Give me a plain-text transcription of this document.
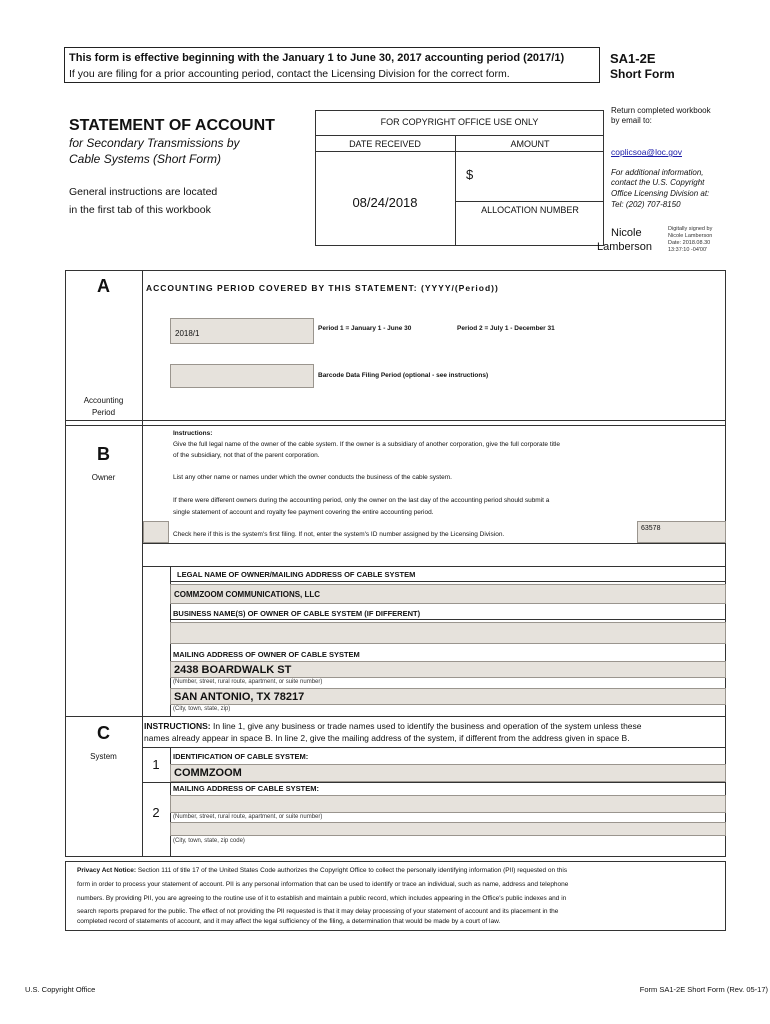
This form is effective beginning with the January 1 to June 30, 2017 accounting period (2017/1)
If you are filing for a prior accounting period, contact the Licensing Division for the correct form.
SA1-2E
Short Form
STATEMENT OF ACCOUNT
for Secondary Transmissions by
Cable Systems (Short Form)
General instructions are located
in the first tab of this workbook
FOR COPYRIGHT OFFICE USE ONLY
DATE RECEIVED	AMOUNT
08/24/2018
$
ALLOCATION NUMBER
Return completed workbook
by email to:
coplicsoa@loc.gov
For additional information,
contact the U.S. Copyright
Office Licensing Division at:
Tel: (202) 707-8150
Nicole
Lamberson
Digitally signed by
Nicole Lamberson
Date: 2018.08.30
13:37:10 -04'00'
A
Accounting
Period
ACCOUNTING PERIOD COVERED BY THIS STATEMENT: (YYYY/(Period))
2018/1
Period 1 = January 1 - June 30	Period 2 = July 1 - December 31
Barcode Data Filing Period (optional - see instructions)
B
Owner
Instructions:
Give the full legal name of the owner of the cable system. If the owner is a subsidiary of another corporation, give the full corporate title
of the subsidiary, not that of the parent corporation.
List any other name or names under which the owner conducts the business of the cable system.
If there were different owners during the accounting period, only the owner on the last day of the accounting period should submit a
single statement of account and royalty fee payment covering the entire accounting period.
Check here if this is the system's first filing. If not, enter the system's ID number assigned by the Licensing Division.
63578
LEGAL NAME OF OWNER/MAILING ADDRESS OF CABLE SYSTEM
COMMZOOM COMMUNICATIONS, LLC
BUSINESS NAME(S) OF OWNER OF CABLE SYSTEM (IF DIFFERENT)
MAILING ADDRESS OF OWNER OF CABLE SYSTEM
2438 BOARDWALK ST
(Number, street, rural route, apartment, or suite number)
SAN ANTONIO, TX 78217
(City, town, state, zip)
C
System
INSTRUCTIONS: In line 1, give any business or trade names used to identify the business and operation of the system unless these
names already appear in space B. In line 2, give the mailing address of the system, if different from the address given in space B.
1
IDENTIFICATION OF CABLE SYSTEM:
COMMZOOM
2
MAILING ADDRESS OF CABLE SYSTEM:
(Number, street, rural route, apartment, or suite number)
(City, town, state, zip code)
Privacy Act Notice: Section 111 of title 17 of the United States Code authorizes the Copyright Office to collect the personally identifying information (PII) requested on this
form in order to process your statement of account. PII is any personal information that can be used to identify or trace an individual, such as name, address and telephone
numbers. By providing PII, you are agreeing to the routine use of it to establish and maintain a public record, which includes appearing in the Office's public indexes and in
search reports prepared for the public. The effect of not providing the PII requested is that it may delay processing of your statement of account and its placement in the
completed record of statements of account, and it may affect the legal sufficiency of the filing, a determination that would be made by a court of law.
U.S. Copyright Office	Form SA1-2E Short Form (Rev. 05-17)
